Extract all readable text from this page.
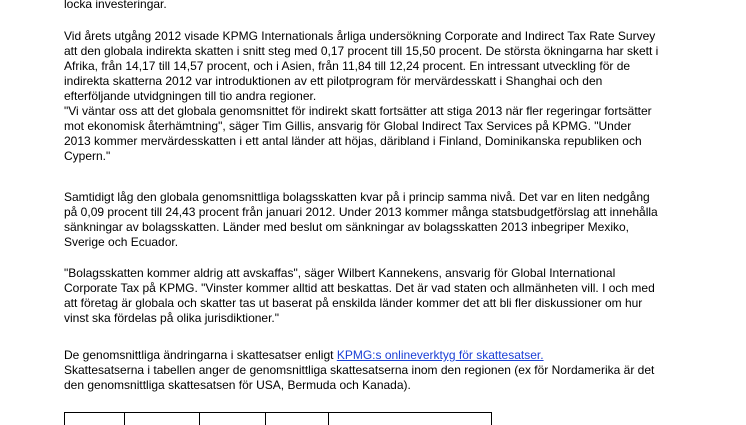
locka investeringar.
Vid årets utgång 2012 visade KPMG Internationals årliga undersökning Corporate and Indirect Tax Rate Survey
att den globala indirekta skatten i snitt steg med 0,17 procent till 15,50 procent. De största ökningarna har skett i
Afrika, från 14,17 till 14,57 procent, och i Asien, från 11,84 till 12,24 procent. En intressant utveckling för de
indirekta skatterna 2012 var introduktionen av ett pilotprogram för mervärdesskatt i Shanghai och den
efterföljande utvidgningen till tio andra regioner.
"Vi väntar oss att det globala genomsnittet för indirekt skatt fortsätter att stiga 2013 när fler regeringar fortsätter
mot ekonomisk återhämtning", säger Tim Gillis, ansvarig för Global Indirect Tax Services på KPMG. "Under
2013 kommer mervärdesskatten i ett antal länder att höjas, däribland i Finland, Dominikanska republiken och
Cypern."
Samtidigt låg den globala genomsnittliga bolagsskatten kvar på i princip samma nivå. Det var en liten nedgång
på 0,09 procent till 24,43 procent från januari 2012. Under 2013 kommer många statsbudgetförslag att innehålla
sänkningar av bolagsskatten. Länder med beslut om sänkningar av bolagsskatten 2013 inbegriper Mexiko,
Sverige och Ecuador.
"Bolagsskatten kommer aldrig att avskaffas", säger Wilbert Kannekens, ansvarig för Global International
Corporate Tax på KPMG. "Vinster kommer alltid att beskattas. Det är vad staten och allmänheten vill. I och med
att företag är globala och skatter tas ut baserat på enskilda länder kommer det att bli fler diskussioner om hur
vinst ska fördelas på olika jurisdiktioner."
De genomsnittliga ändringarna i skattesatser enligt KPMG:s onlineverktyg för skattesatser.
Skattesatserna i tabellen anger de genomsnittliga skattesatserna inom den regionen (ex för Nordamerika är det
den genomsnittliga skattesatsen för USA, Bermuda och Kanada).
